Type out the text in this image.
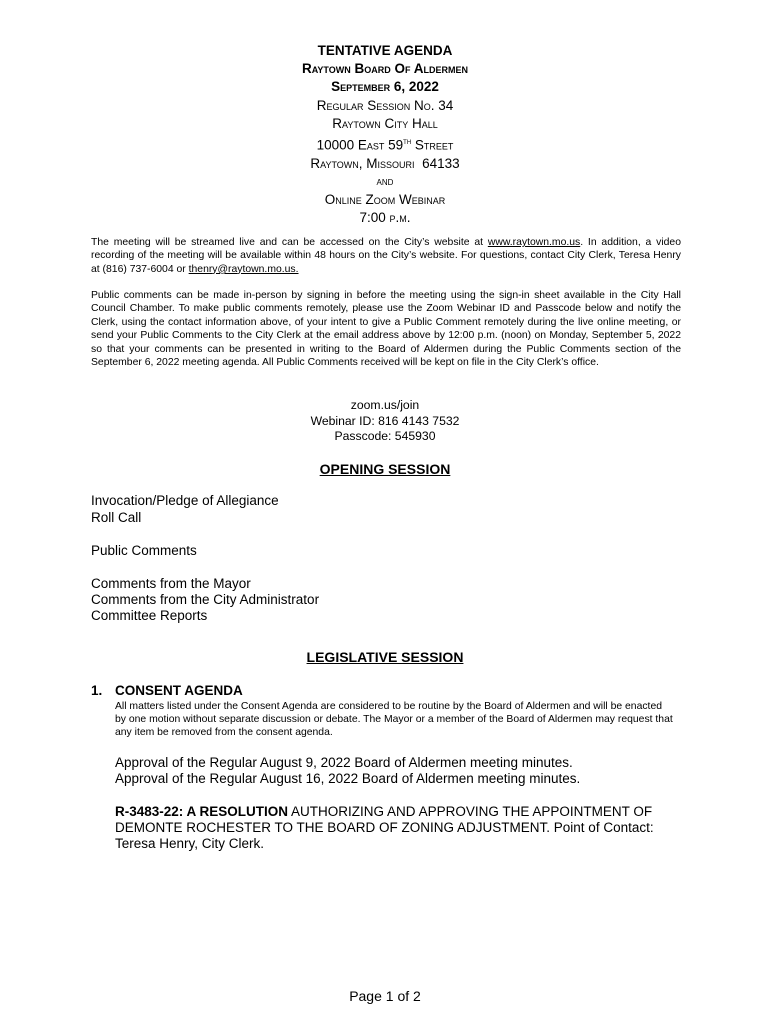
TENTATIVE AGENDA
Raytown Board Of Aldermen
September 6, 2022
Regular Session No. 34
Raytown City Hall
10000 East 59th Street
Raytown, Missouri 64133
and
Online Zoom Webinar
7:00 p.m.
The meeting will be streamed live and can be accessed on the City’s website at www.raytown.mo.us. In addition, a video recording of the meeting will be available within 48 hours on the City’s website. For questions, contact City Clerk, Teresa Henry at (816) 737-6004 or thenry@raytown.mo.us.
Public comments can be made in-person by signing in before the meeting using the sign-in sheet available in the City Hall Council Chamber. To make public comments remotely, please use the Zoom Webinar ID and Passcode below and notify the Clerk, using the contact information above, of your intent to give a Public Comment remotely during the live online meeting, or send your Public Comments to the City Clerk at the email address above by 12:00 p.m. (noon) on Monday, September 5, 2022 so that your comments can be presented in writing to the Board of Aldermen during the Public Comments section of the September 6, 2022 meeting agenda. All Public Comments received will be kept on file in the City Clerk’s office.
zoom.us/join
Webinar ID: 816 4143 7532
Passcode: 545930
OPENING SESSION
Invocation/Pledge of Allegiance
Roll Call
Public Comments
Comments from the Mayor
Comments from the City Administrator
Committee Reports
LEGISLATIVE SESSION
1. CONSENT AGENDA
All matters listed under the Consent Agenda are considered to be routine by the Board of Aldermen and will be enacted by one motion without separate discussion or debate. The Mayor or a member of the Board of Aldermen may request that any item be removed from the consent agenda.
Approval of the Regular August 9, 2022 Board of Aldermen meeting minutes.
Approval of the Regular August 16, 2022 Board of Aldermen meeting minutes.
R-3483-22: A RESOLUTION AUTHORIZING AND APPROVING THE APPOINTMENT OF DEMONTE ROCHESTER TO THE BOARD OF ZONING ADJUSTMENT. Point of Contact: Teresa Henry, City Clerk.
Page 1 of 2
